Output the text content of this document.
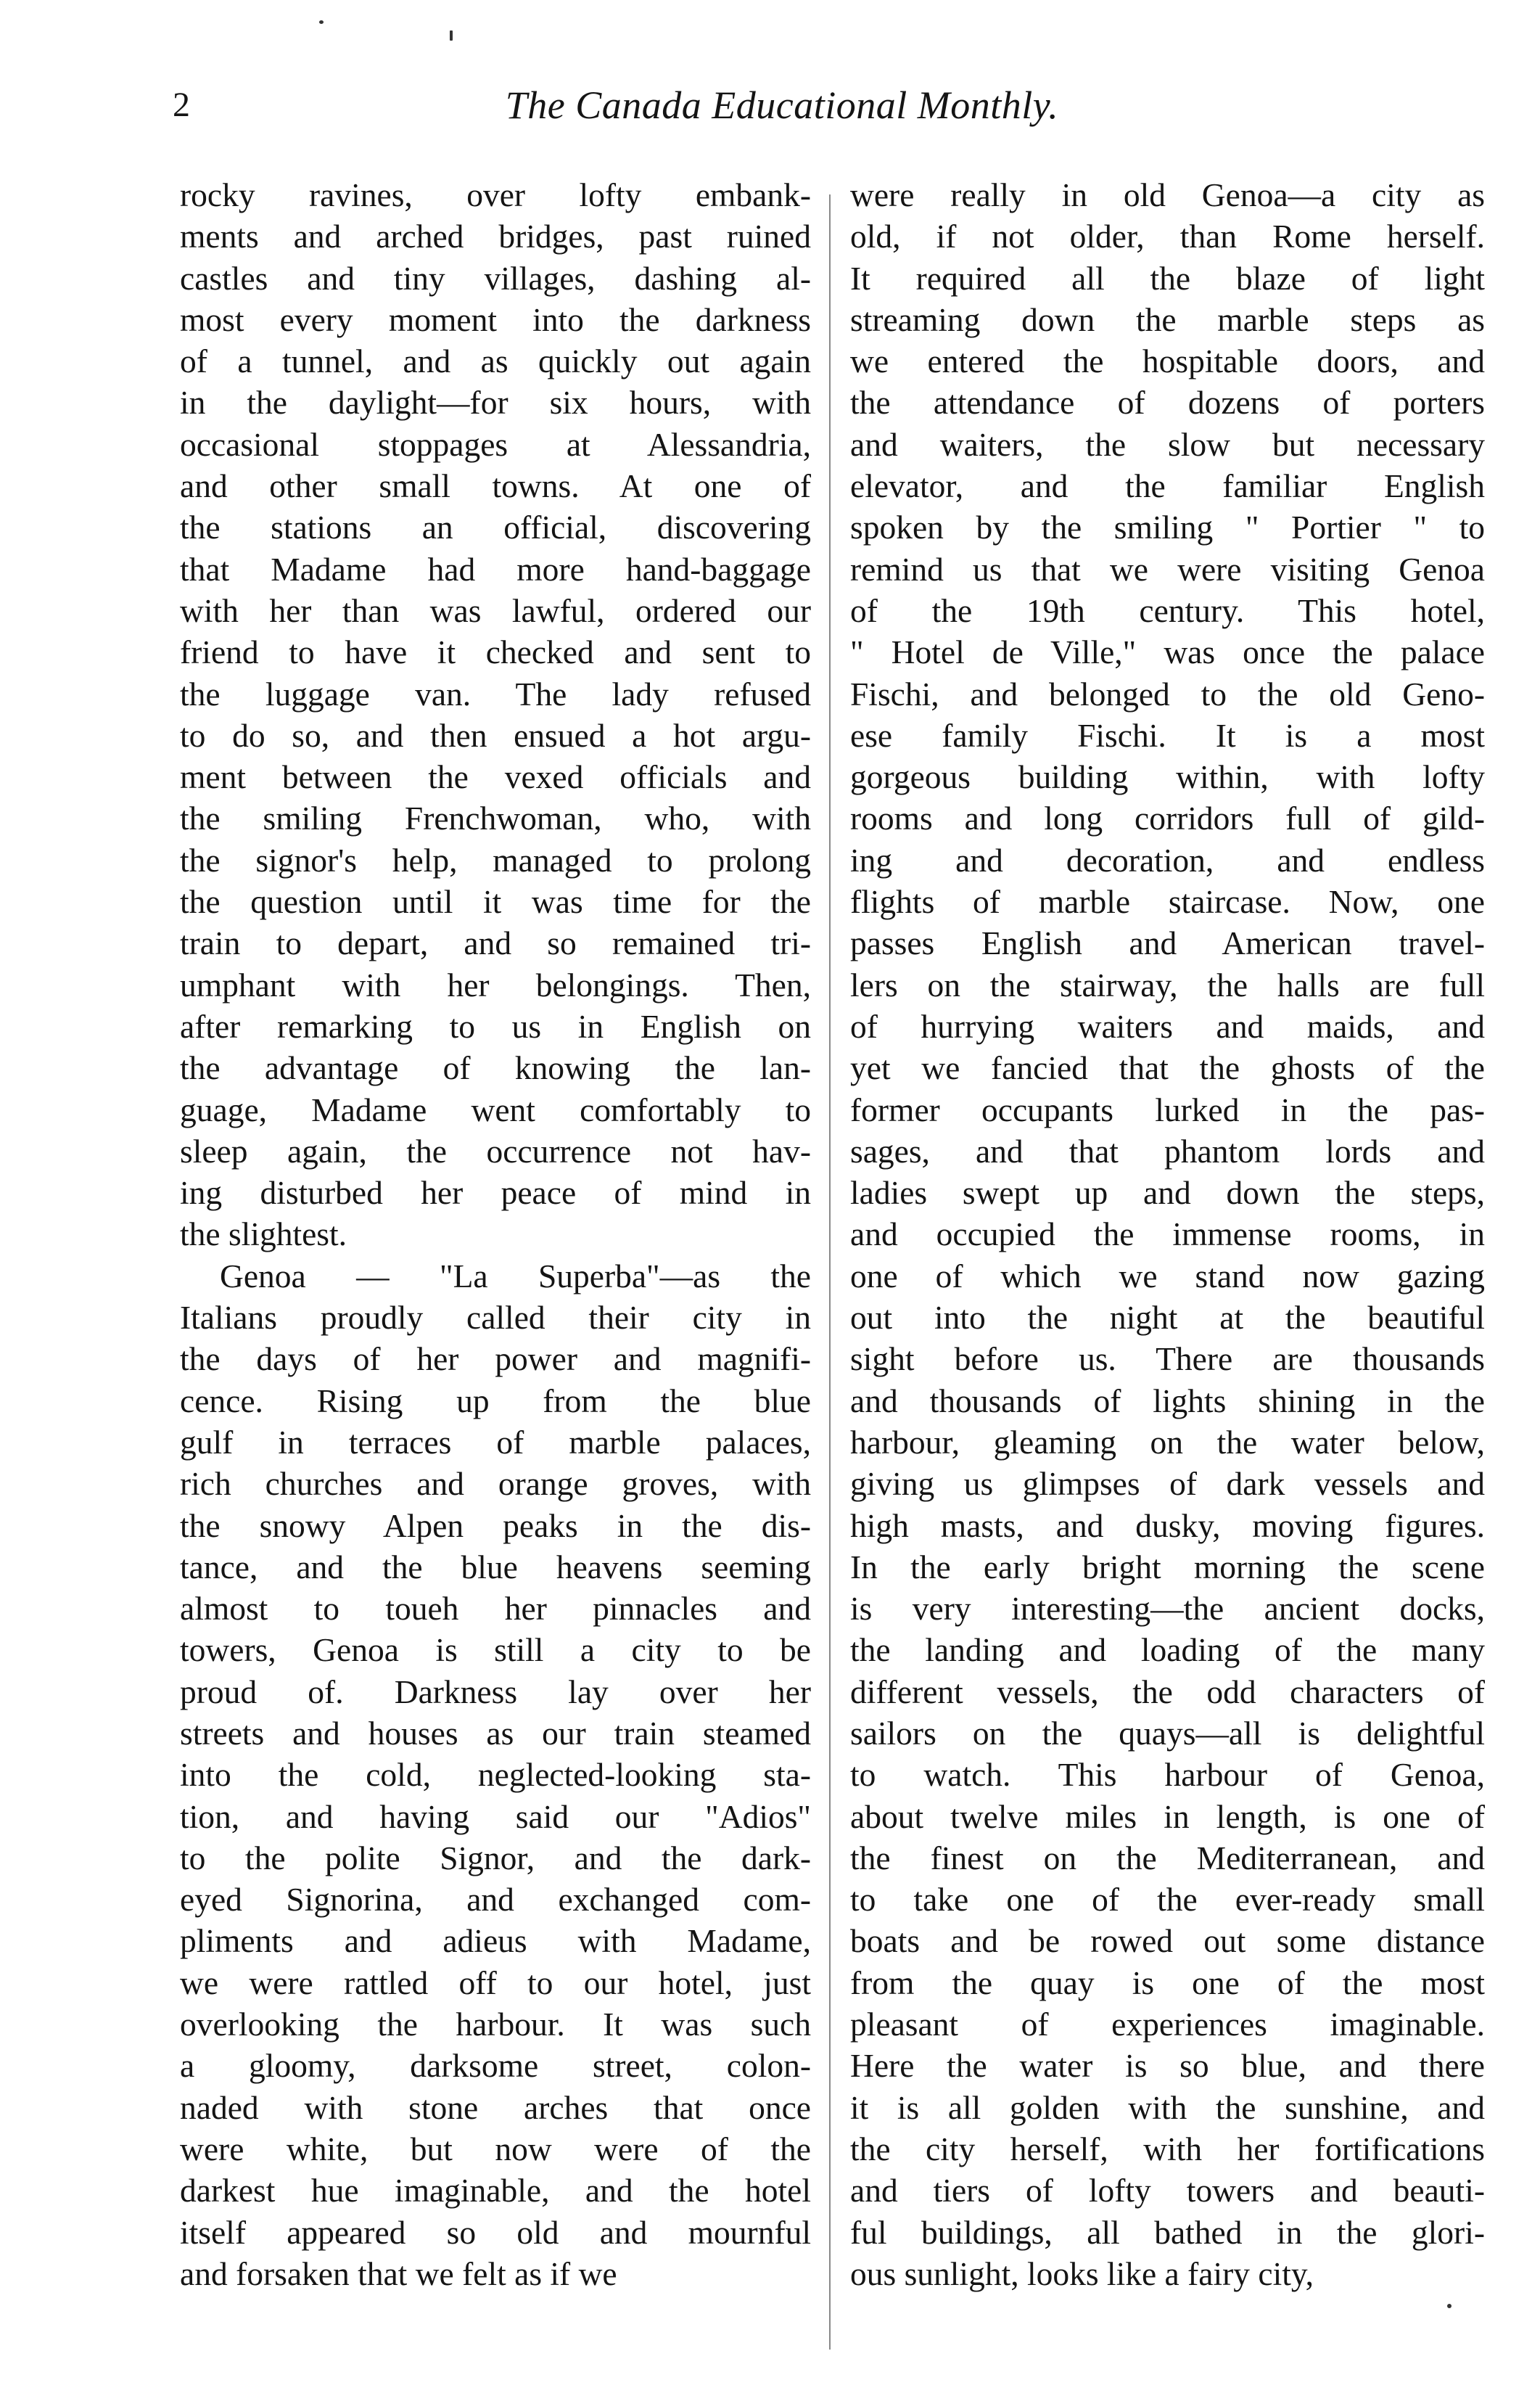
2	The Canada Educational Monthly.
rocky ravines, over lofty embank-
ments and arched bridges, past ruined
castles and tiny villages, dashing al-
most every moment into the darkness
of a tunnel, and as quickly out again
in the daylight—for six hours, with
occasional stoppages at Alessandria,
and other small towns. At one of
the stations an official, discovering
that Madame had more hand-baggage
with her than was lawful, ordered our
friend to have it checked and sent to
the luggage van. The lady refused
to do so, and then ensued a hot argu-
ment between the vexed officials and
the smiling Frenchwoman, who, with
the signor's help, managed to prolong
the question until it was time for the
train to depart, and so remained tri-
umphant with her belongings. Then,
after remarking to us in English on
the advantage of knowing the lan-
guage, Madame went comfortably to
sleep again, the occurrence not hav-
ing disturbed her peace of mind in
the slightest.
Genoa — "La Superba"—as the
Italians proudly called their city in
the days of her power and magnifi-
cence. Rising up from the blue
gulf in terraces of marble palaces,
rich churches and orange groves, with
the snowy Alpen peaks in the dis-
tance, and the blue heavens seeming
almost to toueh her pinnacles and
towers, Genoa is still a city to be
proud of. Darkness lay over her
streets and houses as our train steamed
into the cold, neglected-looking sta-
tion, and having said our "Adios"
to the polite Signor, and the dark-
eyed Signorina, and exchanged com-
pliments and adieus with Madame,
we were rattled off to our hotel, just
overlooking the harbour. It was such
a gloomy, darksome street, colon-
naded with stone arches that once
were white, but now were of the
darkest hue imaginable, and the hotel
itself appeared so old and mournful
and forsaken that we felt as if we
were really in old Genoa—a city as
old, if not older, than Rome herself.
It required all the blaze of light
streaming down the marble steps as
we entered the hospitable doors, and
the attendance of dozens of porters
and waiters, the slow but necessary
elevator, and the familiar English
spoken by the smiling " Portier " to
remind us that we were visiting Genoa
of the 19th century. This hotel,
" Hotel de Ville," was once the palace
Fischi, and belonged to the old Geno-
ese family Fischi. It is a most
gorgeous building within, with lofty
rooms and long corridors full of gild-
ing and decoration, and endless
flights of marble staircase. Now, one
passes English and American travel-
lers on the stairway, the halls are full
of hurrying waiters and maids, and
yet we fancied that the ghosts of the
former occupants lurked in the pas-
sages, and that phantom lords and
ladies swept up and down the steps,
and occupied the immense rooms, in
one of which we stand now gazing
out into the night at the beautiful
sight before us. There are thousands
and thousands of lights shining in the
harbour, gleaming on the water below,
giving us glimpses of dark vessels and
high masts, and dusky, moving figures.
In the early bright morning the scene
is very interesting—the ancient docks,
the landing and loading of the many
different vessels, the odd characters of
sailors on the quays—all is delightful
to watch. This harbour of Genoa,
about twelve miles in length, is one of
the finest on the Mediterranean, and
to take one of the ever-ready small
boats and be rowed out some distance
from the quay is one of the most
pleasant of experiences imaginable.
Here the water is so blue, and there
it is all golden with the sunshine, and
the city herself, with her fortifications
and tiers of lofty towers and beauti-
ful buildings, all bathed in the glori-
ous sunlight, looks like a fairy city,
